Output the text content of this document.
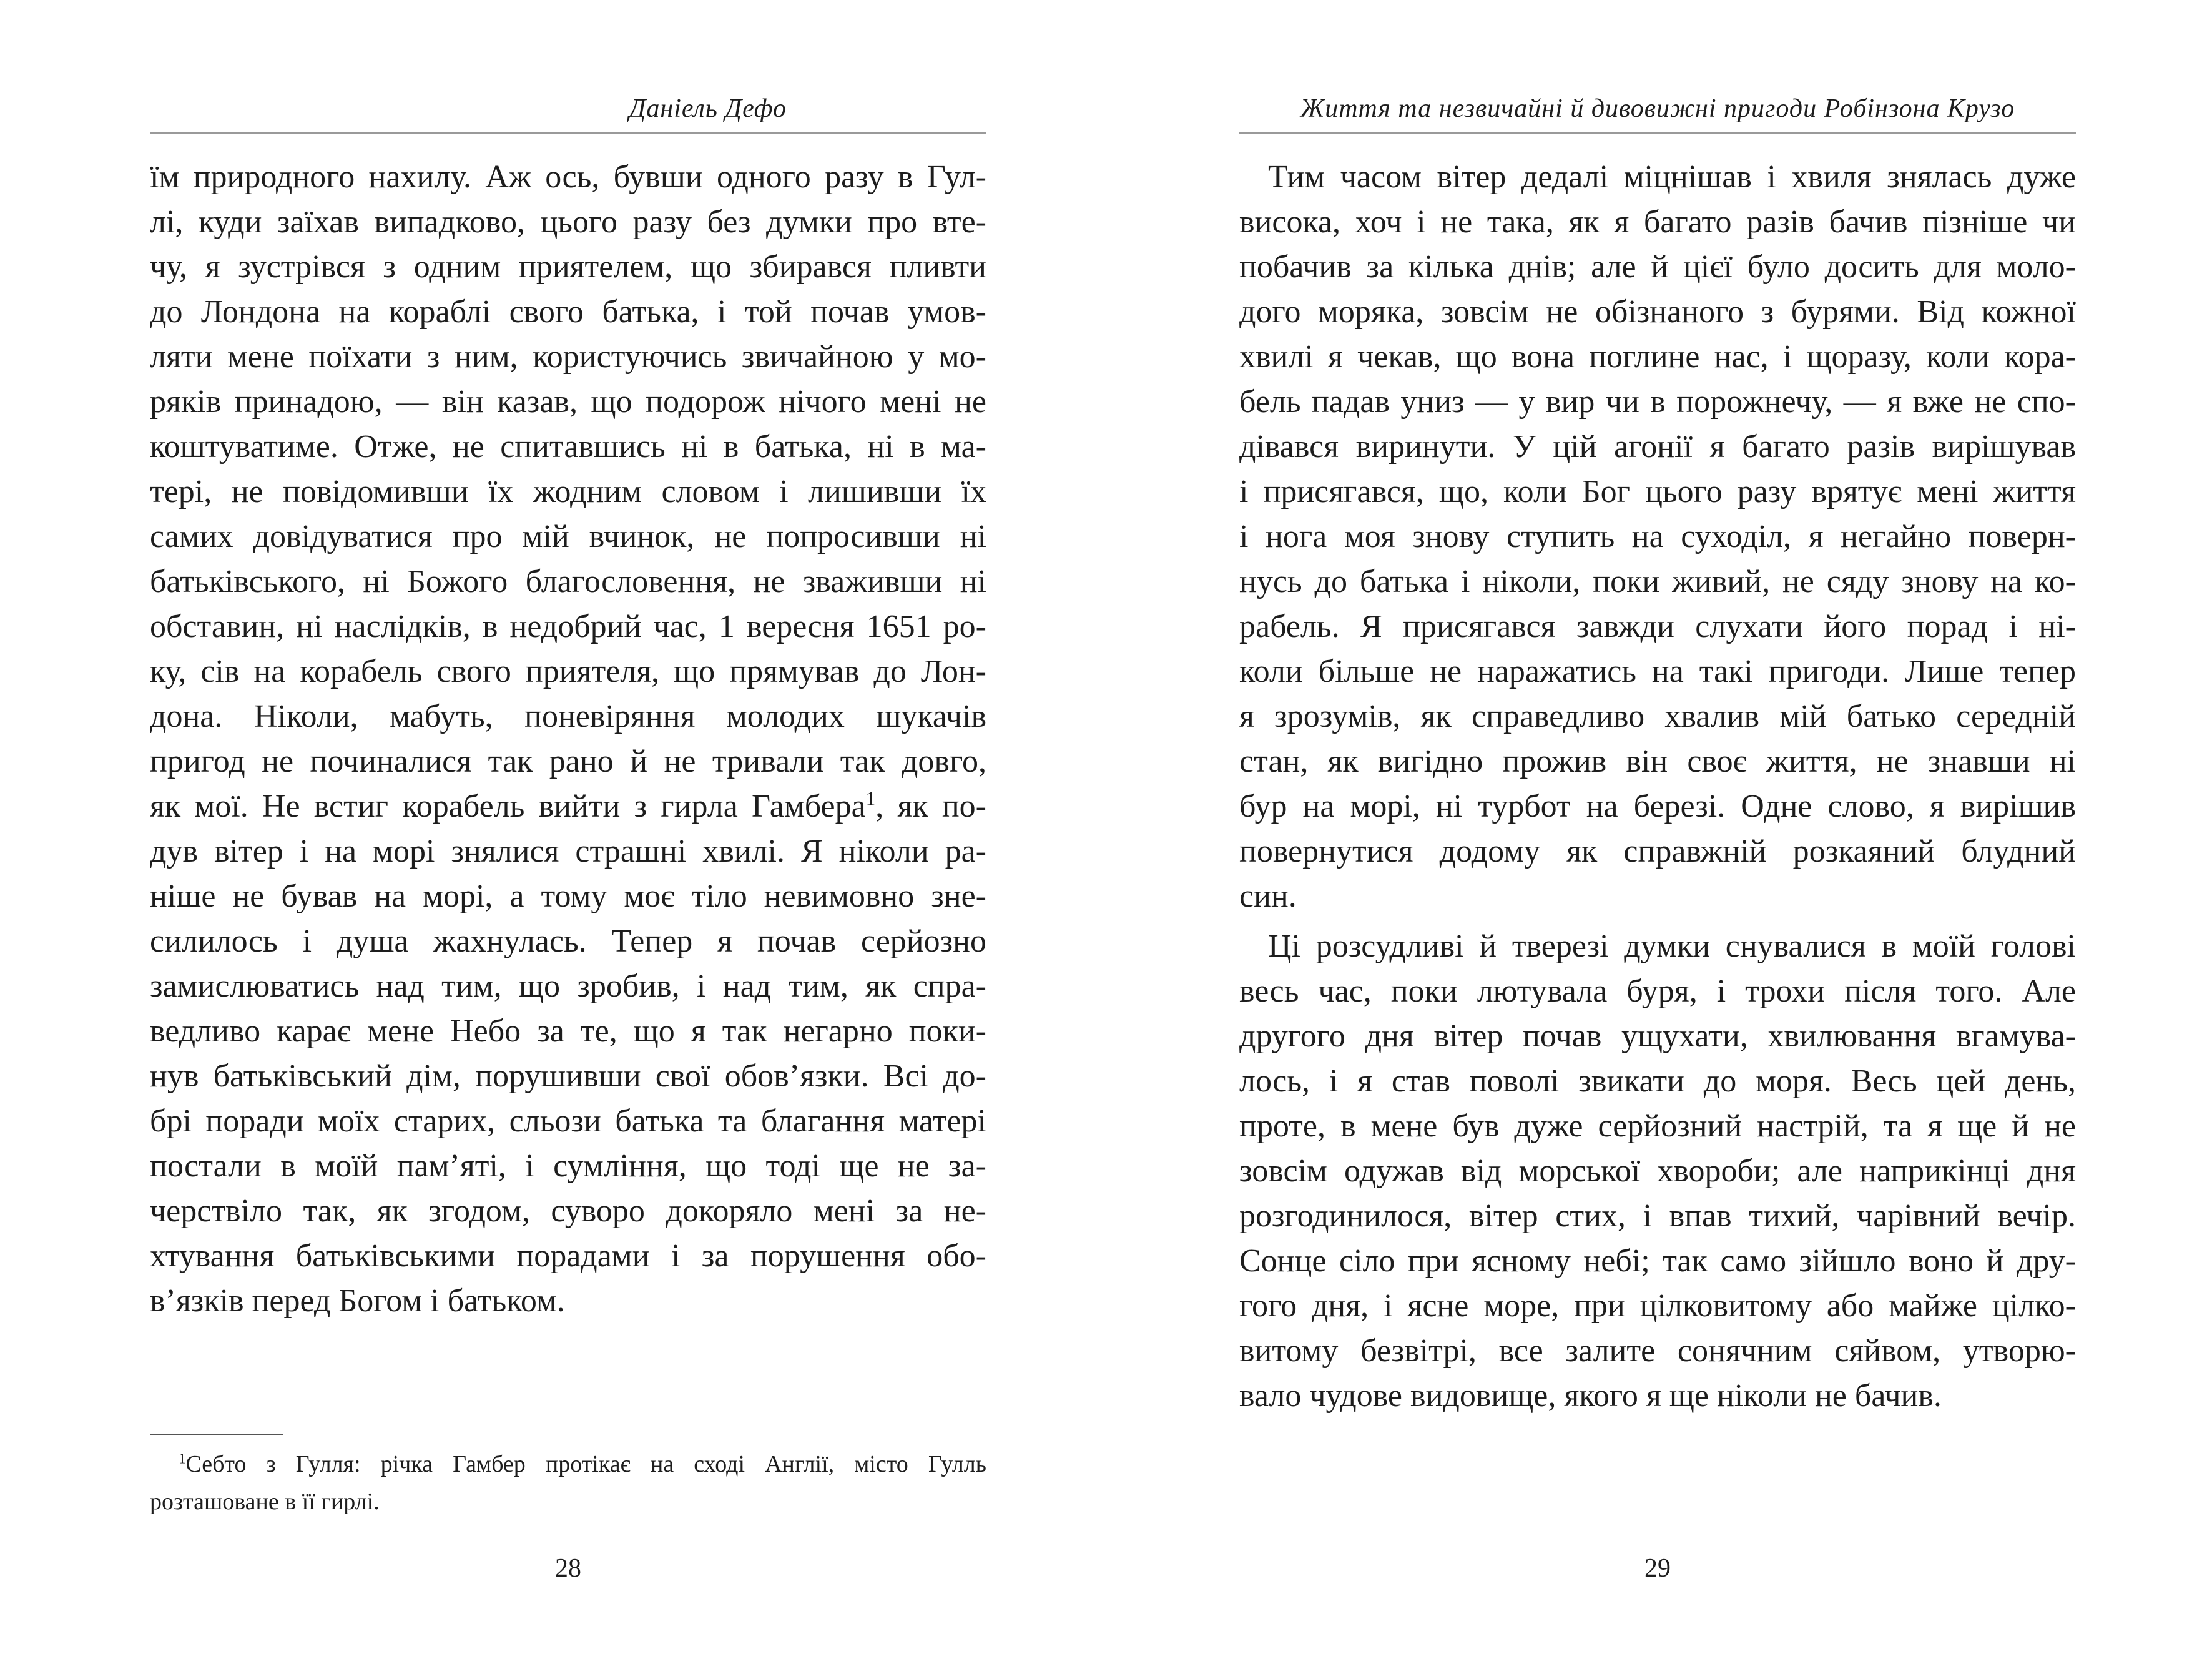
Даніель Дефо
їм природного нахилу. Аж ось, бувши одного разу в Гул-
лі, куди заїхав випадково, цього разу без думки про вте-
чу, я зустрівся з одним приятелем, що збирався пливти
до Лондона на кораблі свого батька, і той почав умов-
ляти мене поїхати з ним, користуючись звичайною у мо-
ряків принадою, — він казав, що подорож нічого мені не
коштуватиме. Отже, не спитавшись ні в батька, ні в ма-
тері, не повідомивши їх жодним словом і лишивши їх
самих довідуватися про мій вчинок, не попросивши ні
батьківського, ні Божого благословення, не зваживши ні
обставин, ні наслідків, в недобрий час, 1 вересня 1651 ро-
ку, сів на корабель свого приятеля, що прямував до Лон-
дона. Ніколи, мабуть, поневіряння молодих шукачів
пригод не починалися так рано й не тривали так довго,
як мої. Не встиг корабель вийти з гирла Гамбера$^1$, як по-
дув вітер і на морі знялися страшні хвилі. Я ніколи ра-
ніше не бував на морі, а тому моє тіло невимовно зне-
силилось і душа жахнулась. Тепер я почав серйозно
замислюватись над тим, що зробив, і над тим, як спра-
ведливо карає мене Небо за те, що я так негарно поки-
нув батьківський дім, порушивши свої обов’язки. Всі до-
брі поради моїх старих, сльози батька та благання матері
постали в моїй пам’яті, і сумління, що тоді ще не за-
черствіло так, як згодом, суворо докоряло мені за не-
хтування батьківськими порадами і за порушення обо-
в’язків перед Богом і батьком.
$^1$Себто з Гулля: річка Гамбер протікає на сході Англії, місто Гулль
розташоване в її гирлі.
28
Життя та незвичайні й дивовижні пригоди Робінзона Крузо
Тим часом вітер дедалі міцнішав і хвиля знялась дуже
висока, хоч і не така, як я багато разів бачив пізніше чи
побачив за кілька днів; але й цієї було досить для моло-
дого моряка, зовсім не обізнаного з бурями. Від кожної
хвилі я чекав, що вона поглине нас, і щоразу, коли кора-
бель падав униз — у вир чи в порожнечу, — я вже не спо-
дівався виринути. У цій агонії я багато разів вирішував
і присягався, що, коли Бог цього разу врятує мені життя
і нога моя знову ступить на суходіл, я негайно поверн-
нусь до батька і ніколи, поки живий, не сяду знову на ко-
рабель. Я присягався завжди слухати його порад і ні-
коли більше не наражатись на такі пригоди. Лише тепер
я зрозумів, як справедливо хвалив мій батько середній
стан, як вигідно прожив він своє життя, не знавши ні
бур на морі, ні турбот на березі. Одне слово, я вирішив
повернутися додому як справжній розкаяний блудний
син.
Ці розсудливі й тверезі думки снувалися в моїй голові
весь час, поки лютувала буря, і трохи після того. Але
другого дня вітер почав ущухати, хвилювання вгамува-
лось, і я став поволі звикати до моря. Весь цей день,
проте, в мене був дуже серйозний настрій, та я ще й не
зовсім одужав від морської хвороби; але наприкінці дня
розгодинилося, вітер стих, і впав тихий, чарівний вечір.
Сонце сіло при ясному небі; так само зійшло воно й дру-
гого дня, і ясне море, при цілковитому або майже цілко-
витому безвітрі, все залите сонячним сяйвом, утворю-
вало чудове видовище, якого я ще ніколи не бачив.
29
